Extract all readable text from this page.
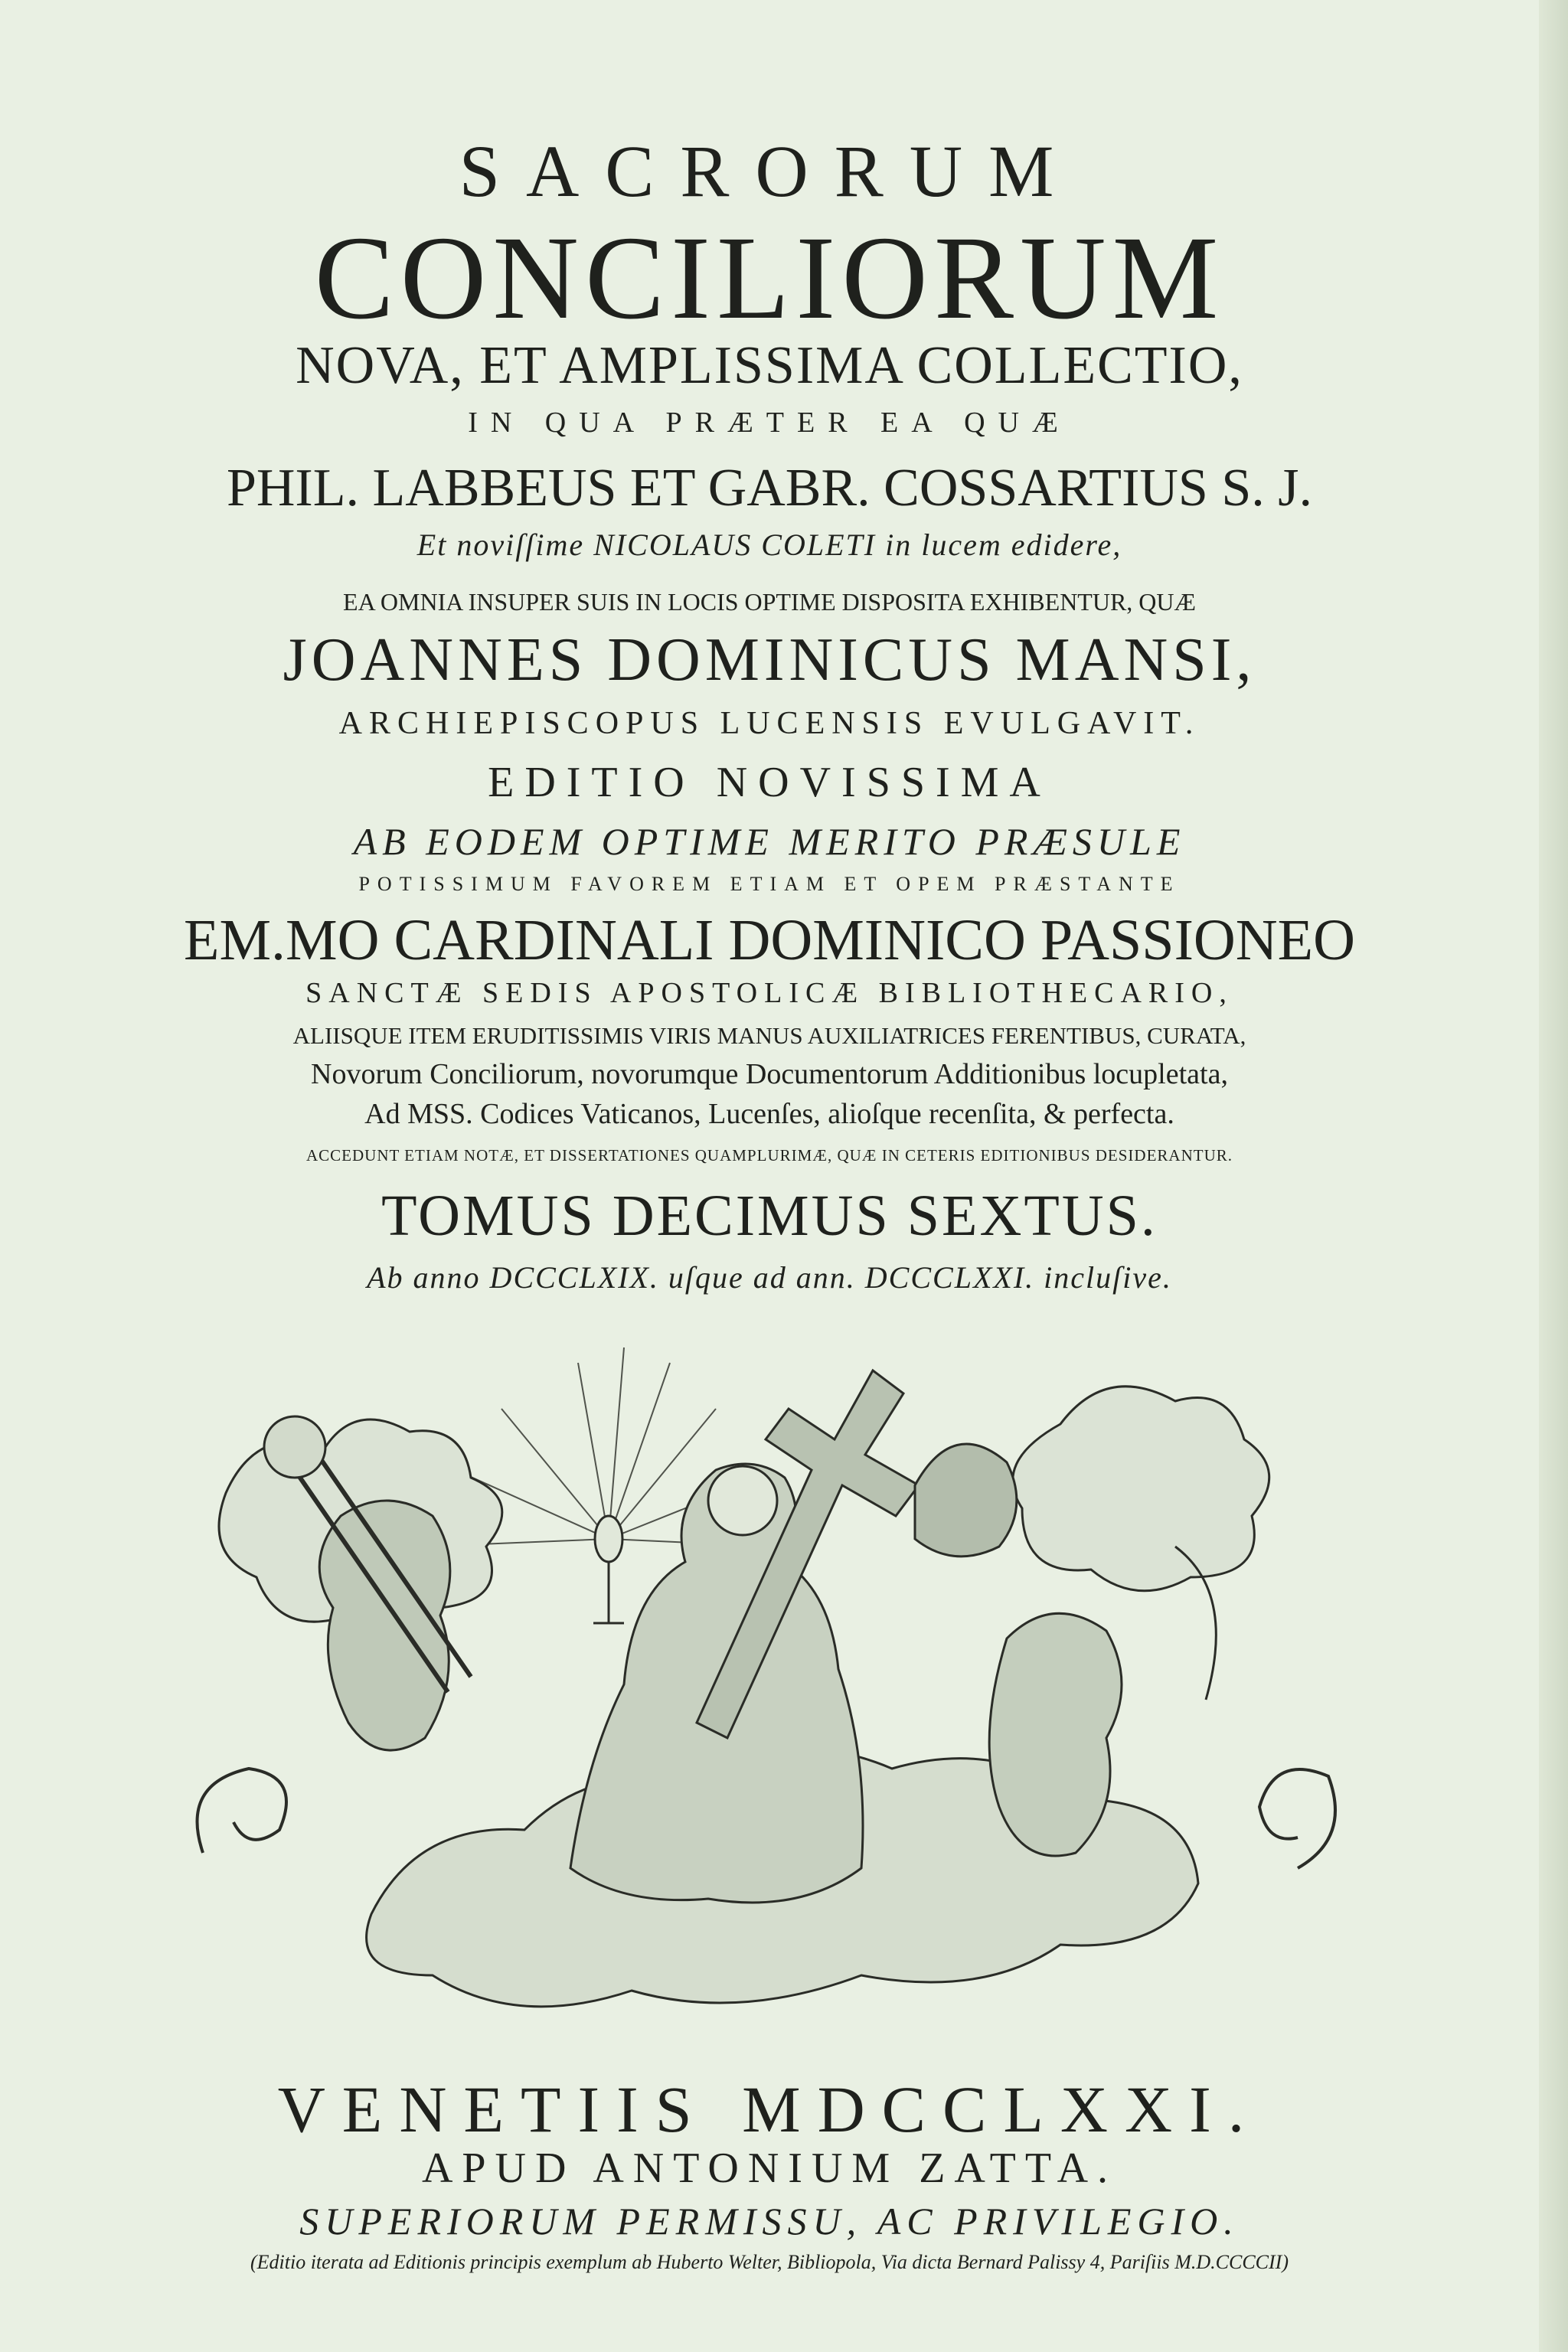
SACRORUM
CONCILIORUM
NOVA, ET AMPLISSIMA COLLECTIO,
IN QUA PRÆTER EA QUÆ
PHIL. LABBEUS ET GABR. COSSARTIUS S. J.
Et noviſſime NICOLAUS COLETI in lucem edidere,
EA OMNIA INSUPER SUIS IN LOCIS OPTIME DISPOSITA EXHIBENTUR, QUÆ
JOANNES DOMINICUS MANSI,
ARCHIEPISCOPUS LUCENSIS EVULGAVIT.
EDITIO NOVISSIMA
AB EODEM OPTIME MERITO PRÆSULE
POTISSIMUM FAVOREM ETIAM ET OPEM PRÆSTANTE
EM.MO CARDINALI DOMINICO PASSIONEO
SANCTÆ SEDIS APOSTOLICÆ BIBLIOTHECARIO,
ALIISQUE ITEM ERUDITISSIMIS VIRIS MANUS AUXILIATRICES FERENTIBUS, CURATA,
Novorum Conciliorum, novorumque Documentorum Additionibus locupletata,
Ad MSS. Codices Vaticanos, Lucenſes, alioſque recenſita, & perfecta.
ACCEDUNT ETIAM NOTÆ, ET DISSERTATIONES QUAMPLURIMÆ, QUÆ IN CETERIS EDITIONIBUS DESIDERANTUR.
TOMUS DECIMUS SEXTUS.
Ab anno DCCCLXIX. uſque ad ann. DCCCLXXI. incluſive.
VENETIIS MDCCLXXI.
APUD ANTONIUM ZATTA.
SUPERIORUM PERMISSU, AC PRIVILEGIO.
(Editio iterata ad Editionis principis exemplum ab Huberto Welter, Bibliopola, Via dicta Bernard Palissy 4, Pariſiis M.D.CCCCII)
